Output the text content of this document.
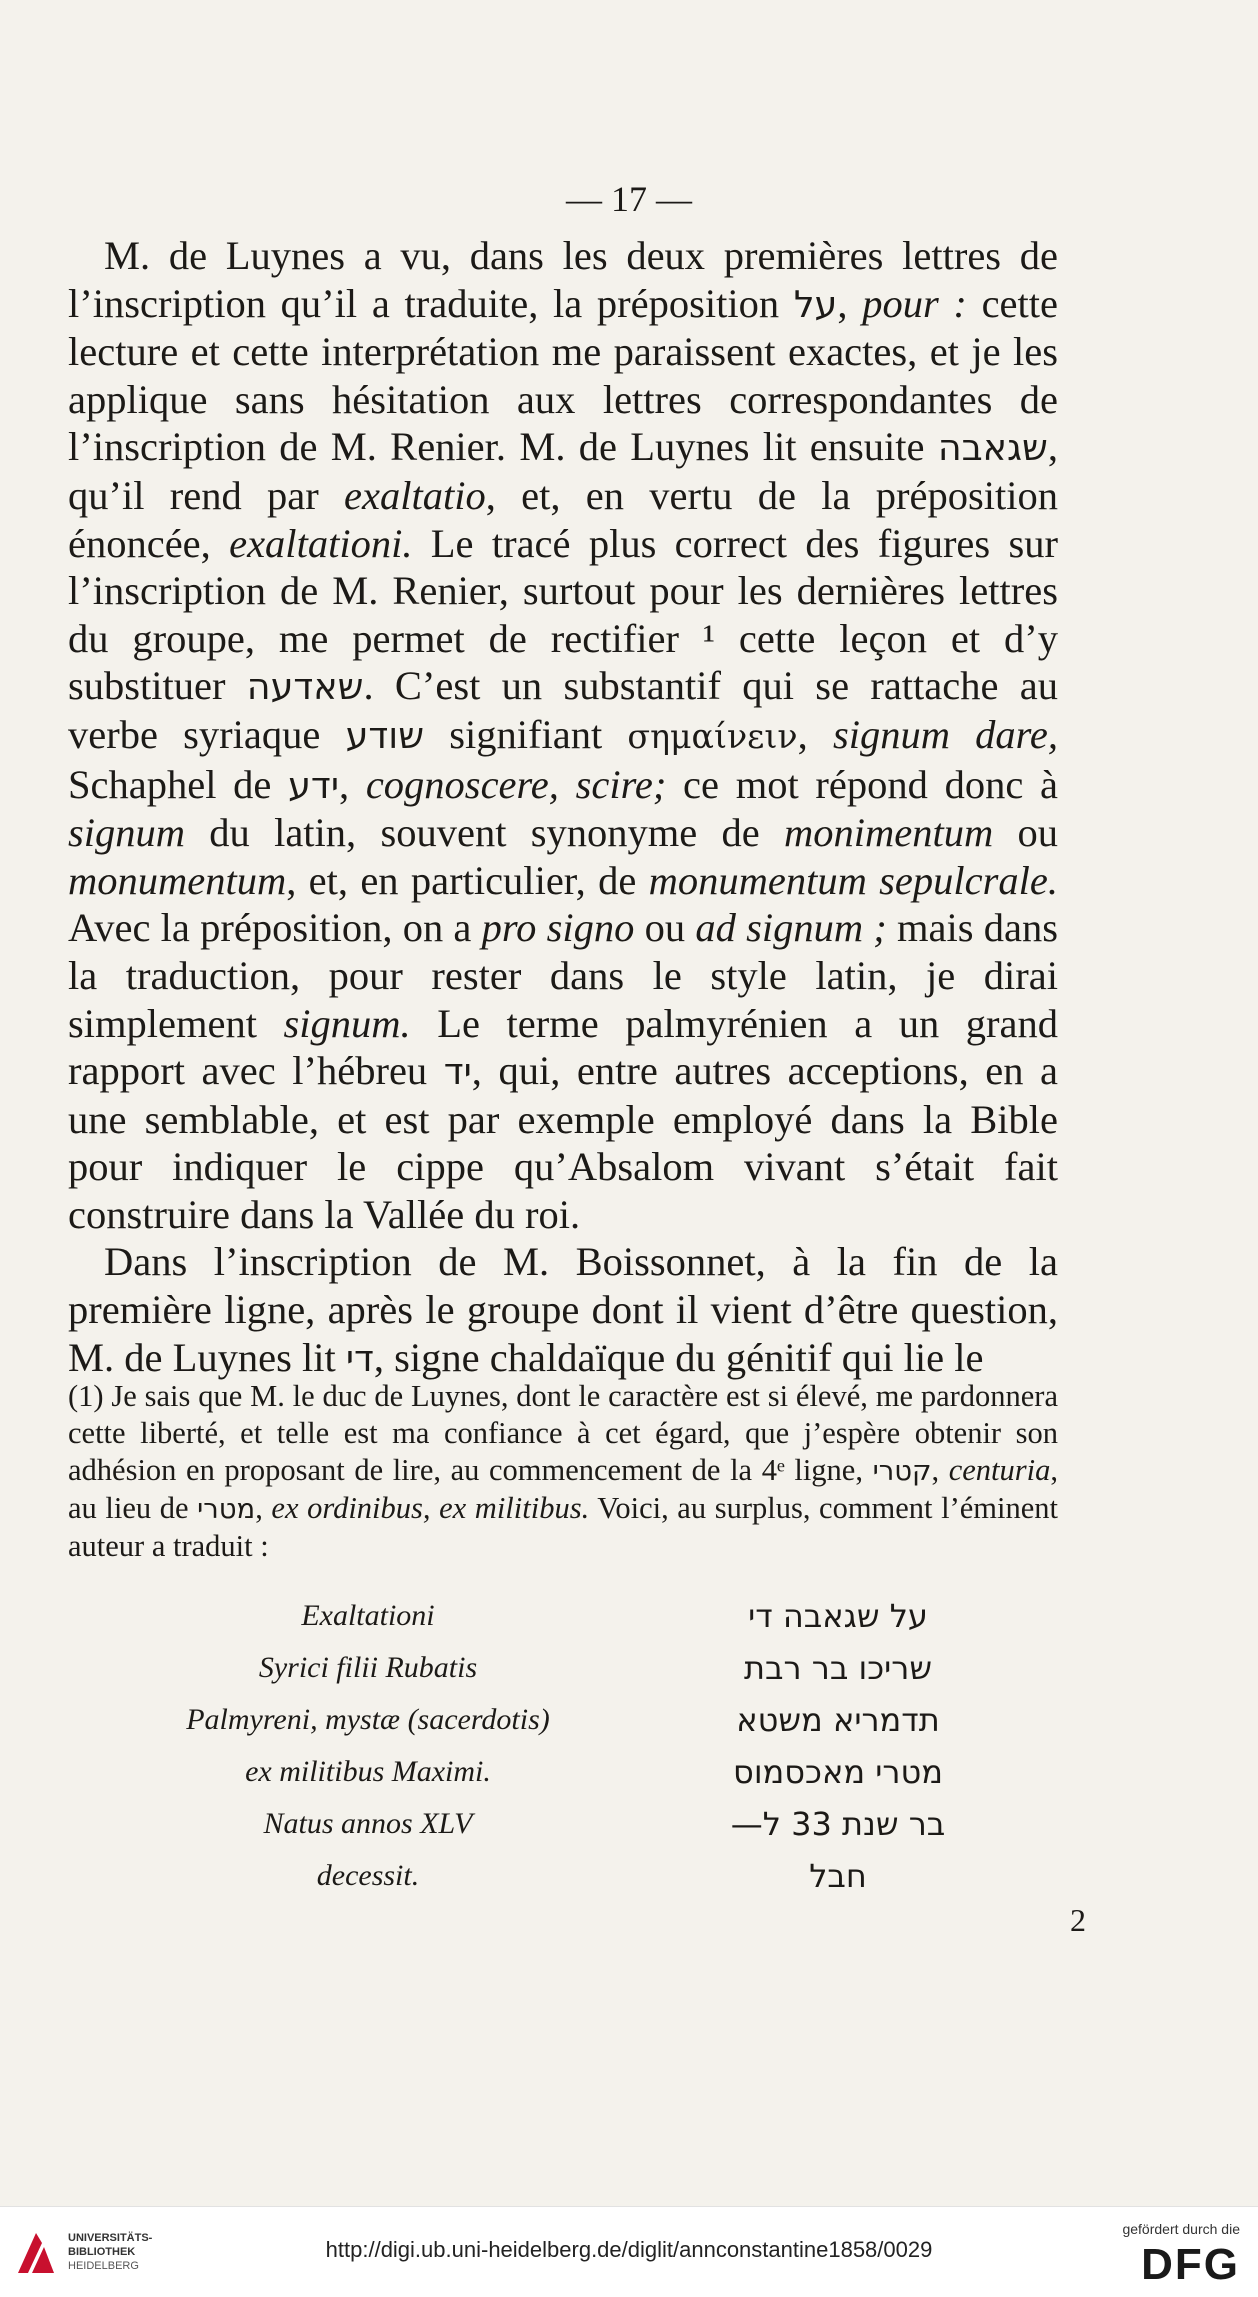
— 17 —

M. de Luynes a vu, dans les deux premières lettres de l’inscription qu’il a traduite, la préposition על, pour : cette lecture et cette interprétation me paraissent exactes, et je les applique sans hésitation aux lettres correspondantes de l’inscription de M. Renier. M. de Luynes lit ensuite שגאבה, qu’il rend par exaltatio, et, en vertu de la préposition énoncée, exaltationi. Le tracé plus correct des figures sur l’inscription de M. Renier, surtout pour les dernières lettres du groupe, me permet de rectifier ¹ cette leçon et d’y substituer שאדעה. C’est un substantif qui se rattache au verbe syriaque שודע signifiant σημαίνειν, signum dare, Schaphel de ידע, cognoscere, scire; ce mot répond donc à signum du latin, souvent synonyme de monimentum ou monumentum, et, en particulier, de monumentum sepulcrale. Avec la préposition, on a pro signo ou ad signum ; mais dans la traduction, pour rester dans le style latin, je dirai simplement signum. Le terme palmyrénien a un grand rapport avec l’hébreu יד, qui, entre autres acceptions, en a une semblable, et est par exemple employé dans la Bible pour indiquer le cippe qu’Absalom vivant s’était fait construire dans la Vallée du roi.

Dans l’inscription de M. Boissonnet, à la fin de la première ligne, après le groupe dont il vient d’être question, M. de Luynes lit די, signe chaldaïque du génitif qui lie le

(1) Je sais que M. le duc de Luynes, dont le caractère est si élevé, me pardonnera cette liberté, et telle est ma confiance à cet égard, que j’espère obtenir son adhésion en proposant de lire, au commencement de la 4ᵉ ligne, קטרי, centuria, au lieu de מטרי, ex ordinibus, ex militibus. Voici, au surplus, comment l’éminent auteur a traduit :

Exaltationi	על שגאבה די
Syrici filii Rubatis	שריכו בר רבת
Palmyreni, mystæ (sacerdotis)	תדמריא משטא
ex militibus Maximi.	מטרי מאכסמוס
Natus annos XLV	בר שנת 33 ל—
decessit.	חבל
2
UNIVERSITÄTS-
BIBLIOTHEK
HEIDELBERG
http://digi.ub.uni-heidelberg.de/diglit/annconstantine1858/0029
gefördert durch die
DFG
